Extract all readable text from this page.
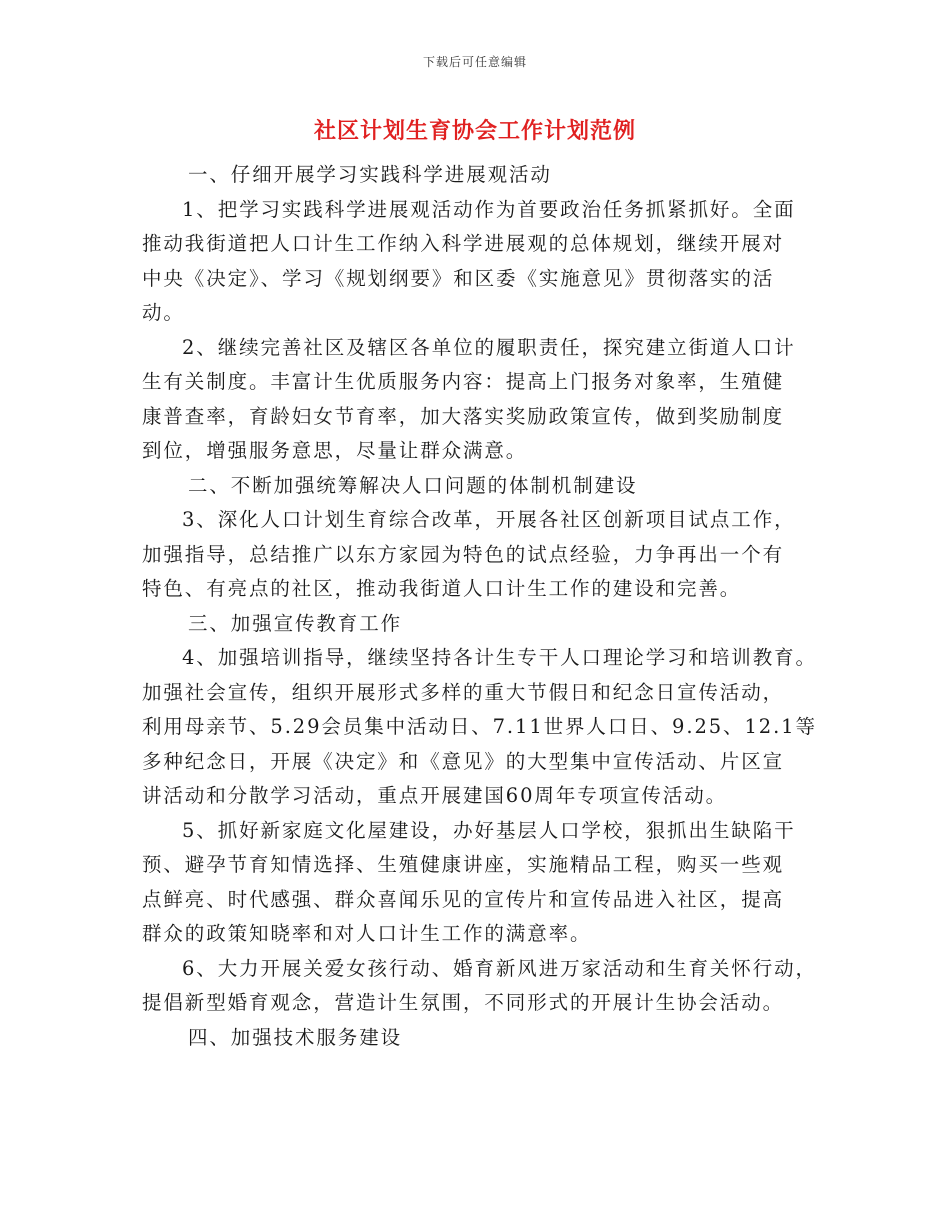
下载后可任意编辑
社区计划生育协会工作计划范例

一、仔细开展学习实践科学进展观活动

1、把学习实践科学进展观活动作为首要政治任务抓紧抓好。全面
推动我街道把人口计生工作纳入科学进展观的总体规划，继续开展对
中央《决定》、学习《规划纲要》和区委《实施意见》贯彻落实的活
动。

2、继续完善社区及辖区各单位的履职责任，探究建立街道人口计
生有关制度。丰富计生优质服务内容：提高上门报务对象率，生殖健
康普查率，育龄妇女节育率，加大落实奖励政策宣传，做到奖励制度
到位，增强服务意思，尽量让群众满意。

二、不断加强统筹解决人口问题的体制机制建设

3、深化人口计划生育综合改革，开展各社区创新项目试点工作，
加强指导，总结推广以东方家园为特色的试点经验，力争再出一个有
特色、有亮点的社区，推动我街道人口计生工作的建设和完善。

三、加强宣传教育工作

4、加强培训指导，继续坚持各计生专干人口理论学习和培训教育。
加强社会宣传，组织开展形式多样的重大节假日和纪念日宣传活动，
利用母亲节、5.29会员集中活动日、7.11世界人口日、9.25、12.1等
多种纪念日，开展《决定》和《意见》的大型集中宣传活动、片区宣
讲活动和分散学习活动，重点开展建国60周年专项宣传活动。

5、抓好新家庭文化屋建设，办好基层人口学校，狠抓出生缺陷干
预、避孕节育知情选择、生殖健康讲座，实施精品工程，购买一些观
点鲜亮、时代感强、群众喜闻乐见的宣传片和宣传品进入社区，提高
群众的政策知晓率和对人口计生工作的满意率。

6、大力开展关爱女孩行动、婚育新风进万家活动和生育关怀行动，
提倡新型婚育观念，营造计生氛围，不同形式的开展计生协会活动。

四、加强技术服务建设
